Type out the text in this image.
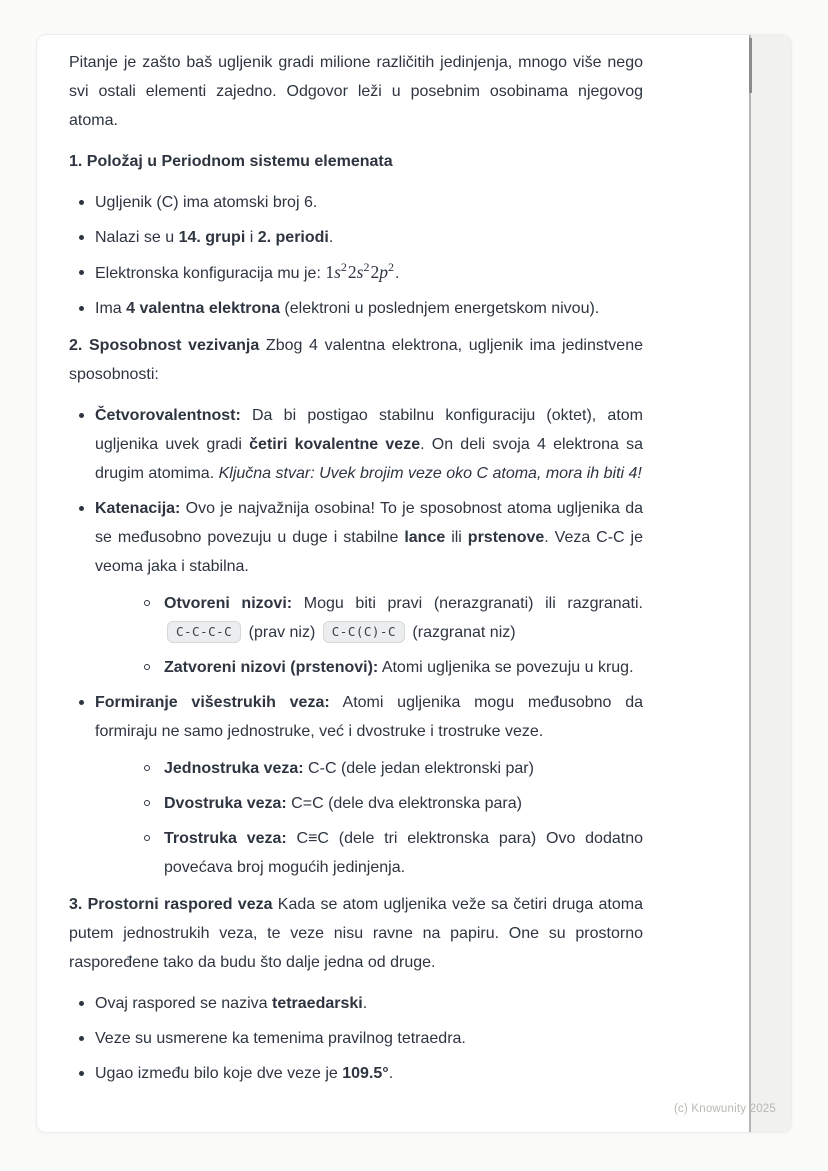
Pitanje je zašto baš ugljenik gradi milione različitih jedinjenja, mnogo više nego svi ostali elementi zajedno. Odgovor leži u posebnim osobinama njegovog atoma.

1. Položaj u Periodnom sistemu elemenata
Ugljenik (C) ima atomski broj 6.
Nalazi se u 14. grupi i 2. periodi.
Elektronska konfiguracija mu je: $1s^22s^22p^2$.
Ima 4 valentna elektrona (elektroni u poslednjem energetskom nivou).

2. Sposobnost vezivanja Zbog 4 valentna elektrona, ugljenik ima jedinstvene sposobnosti:

Četvorovalentnost: Da bi postigao stabilnu konfiguraciju (oktet), atom ugljenika uvek gradi četiri kovalentne veze. On deli svoja 4 elektrona sa drugim atomima. Ključna stvar: Uvek brojim veze oko C atoma, mora ih biti 4!
Katenacija: Ovo je najvažnija osobina! To je sposobnost atoma ugljenika da se međusobno povezuju u duge i stabilne lance ili prstenove. Veza C-C je veoma jaka i stabilna.
Otvoreni nizovi: Mogu biti pravi (nerazgranati) ili razgranati. C-C-C-C (prav niz) C-C(C)-C (razgranat niz)
Zatvoreni nizovi (prstenovi): Atomi ugljenika se povezuju u krug.
Formiranje višestrukih veza: Atomi ugljenika mogu međusobno da formiraju ne samo jednostruke, već i dvostruke i trostruke veze.
Jednostruka veza: C-C (dele jedan elektronski par)
Dvostruka veza: C=C (dele dva elektronska para)
Trostruka veza: C≡C (dele tri elektronska para) Ovo dodatno povećava broj mogućih jedinjenja.

3. Prostorni raspored veza Kada se atom ugljenika veže sa četiri druga atoma putem jednostrukih veza, te veze nisu ravne na papiru. One su prostorno raspoređene tako da budu što dalje jedna od druge.

Ovaj raspored se naziva tetraedarski.
Veze su usmerene ka temenima pravilnog tetraedra.
Ugao između bilo koje dve veze je 109.5°.
(c) Knowunity 2025
